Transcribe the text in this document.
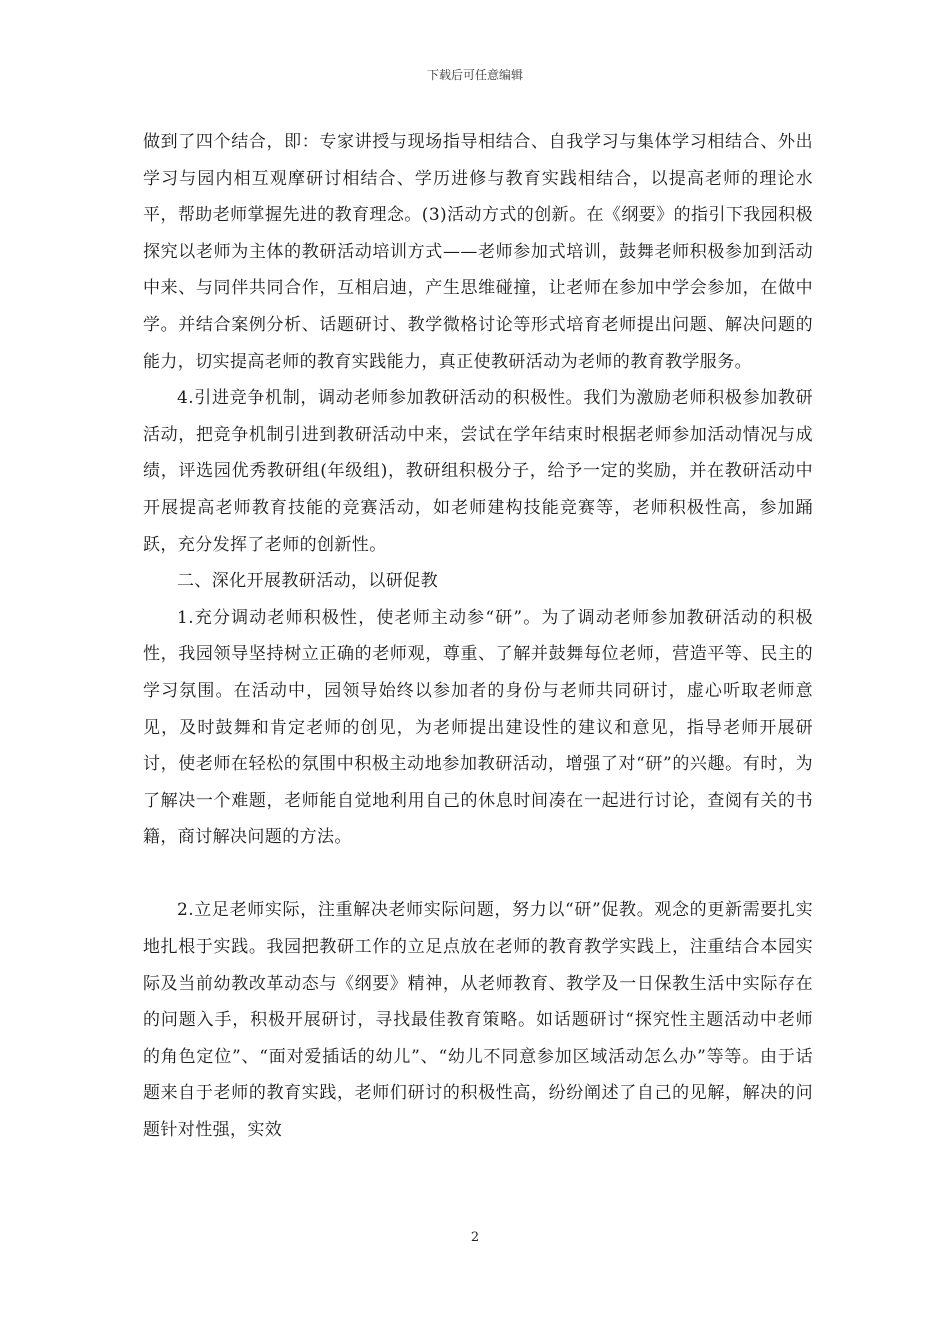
下载后可任意编辑

做到了四个结合，即：专家讲授与现场指导相结合、自我学习与集体学习相结合、外出学习与园内相互观摩研讨相结合、学历进修与教育实践相结合，以提高老师的理论水平，帮助老师掌握先进的教育理念。(3)活动方式的创新。在《纲要》的指引下我园积极探究以老师为主体的教研活动培训方式——老师参加式培训，鼓舞老师积极参加到活动中来、与同伴共同合作，互相启迪，产生思维碰撞，让老师在参加中学会参加，在做中学。并结合案例分析、话题研讨、教学微格讨论等形式培育老师提出问题、解决问题的能力，切实提高老师的教育实践能力，真正使教研活动为老师的教育教学服务。

4.引进竞争机制，调动老师参加教研活动的积极性。我们为激励老师积极参加教研活动，把竞争机制引进到教研活动中来，尝试在学年结束时根据老师参加活动情况与成绩，评选园优秀教研组(年级组)，教研组积极分子，给予一定的奖励，并在教研活动中开展提高老师教育技能的竞赛活动，如老师建构技能竞赛等，老师积极性高，参加踊跃，充分发挥了老师的创新性。

二、深化开展教研活动，以研促教

1.充分调动老师积极性，使老师主动参“研”。为了调动老师参加教研活动的积极性，我园领导坚持树立正确的老师观，尊重、了解并鼓舞每位老师，营造平等、民主的学习氛围。在活动中，园领导始终以参加者的身份与老师共同研讨，虚心听取老师意见，及时鼓舞和肯定老师的创见，为老师提出建设性的建议和意见，指导老师开展研讨，使老师在轻松的氛围中积极主动地参加教研活动，增强了对“研”的兴趣。有时，为了解决一个难题，老师能自觉地利用自己的休息时间凑在一起进行讨论，查阅有关的书籍，商讨解决问题的方法。

2.立足老师实际，注重解决老师实际问题，努力以“研”促教。观念的更新需要扎实地扎根于实践。我园把教研工作的立足点放在老师的教育教学实践上，注重结合本园实际及当前幼教改革动态与《纲要》精神，从老师教育、教学及一日保教生活中实际存在的问题入手，积极开展研讨，寻找最佳教育策略。如话题研讨“探究性主题活动中老师的角色定位”、“面对爱插话的幼儿”、“幼儿不同意参加区域活动怎么办”等等。由于话题来自于老师的教育实践，老师们研讨的积极性高，纷纷阐述了自己的见解，解决的问题针对性强，实效

2
